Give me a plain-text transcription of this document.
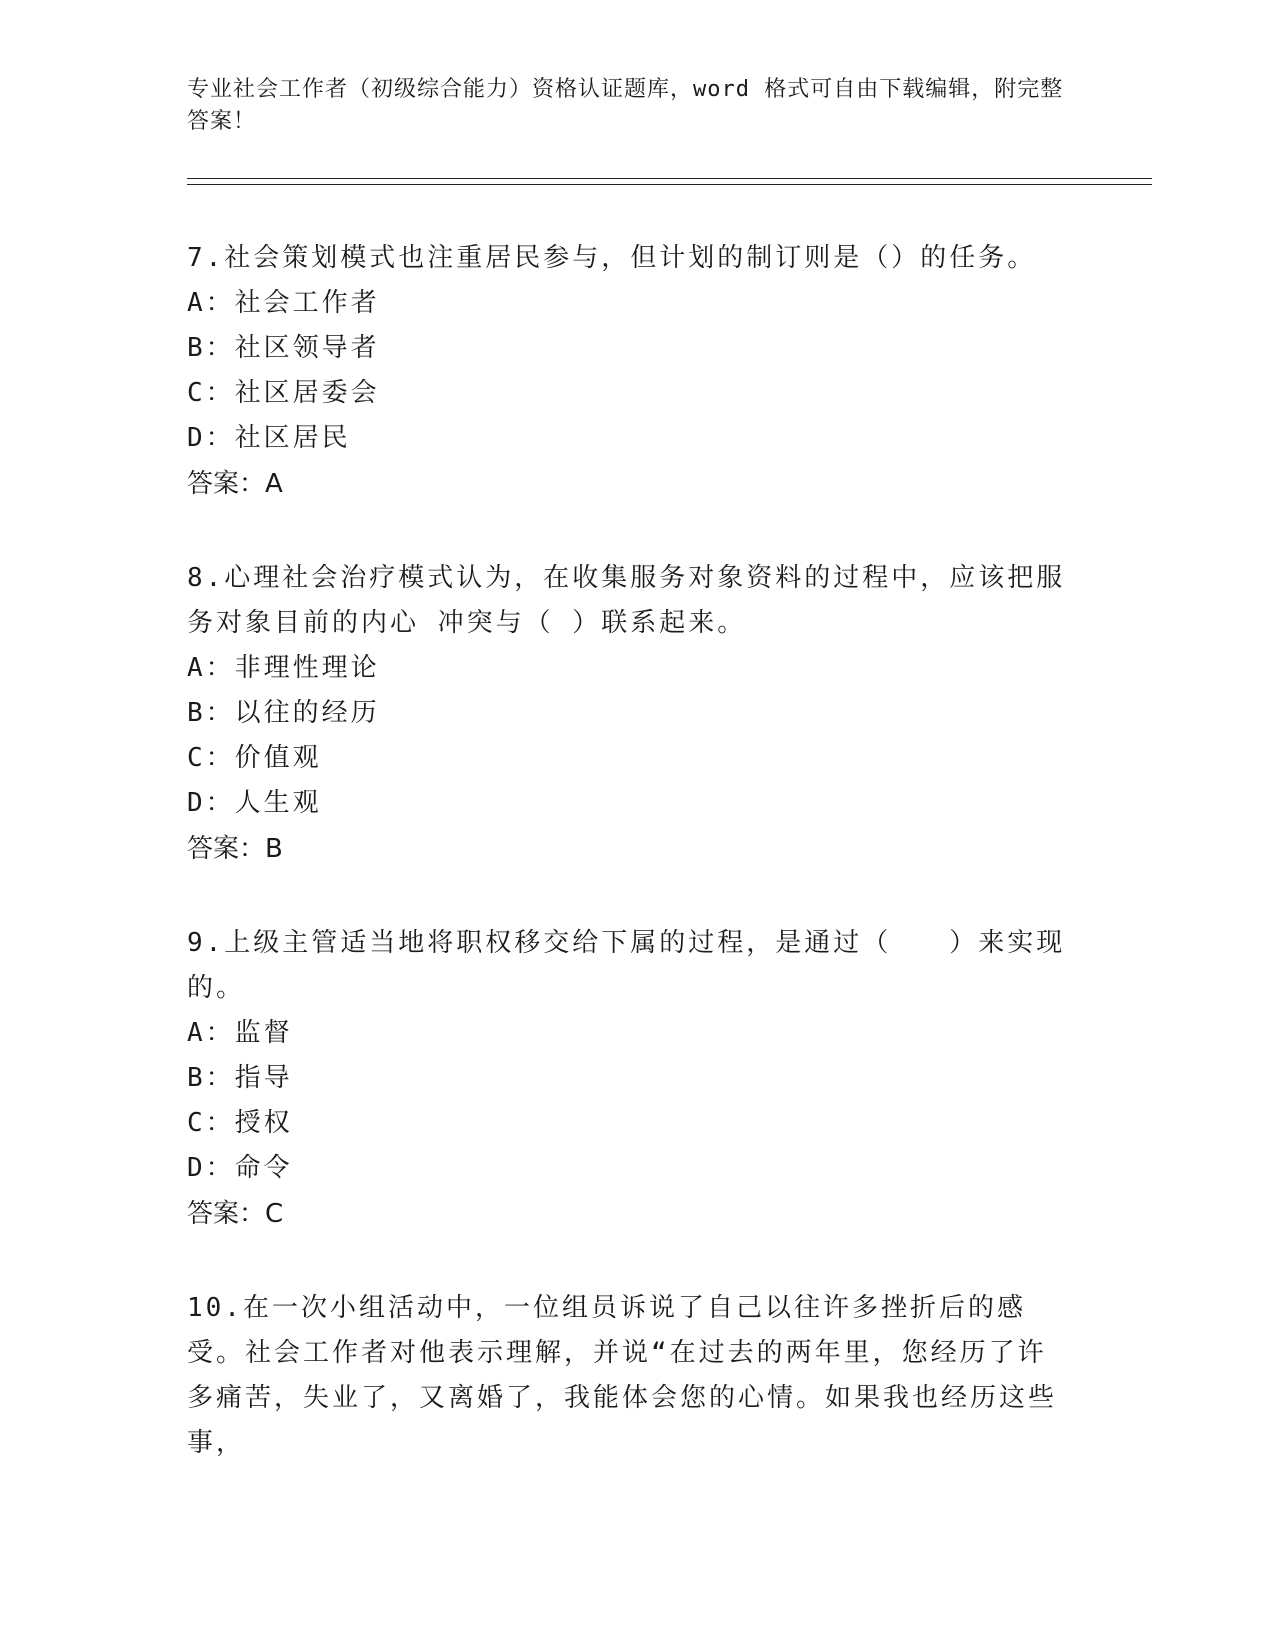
专业社会工作者（初级综合能力）资格认证题库，word 格式可自由下载编辑，附完整答案！
7.社会策划模式也注重居民参与，但计划的制订则是（）的任务。
A：社会工作者
B：社区领导者
C：社区居委会
D：社区居民
答案：A
8.心理社会治疗模式认为，在收集服务对象资料的过程中，应该把服务对象目前的内心 冲突与（ ）联系起来。
A：非理性理论
B：以往的经历
C：价值观
D：人生观
答案：B
9.上级主管适当地将职权移交给下属的过程，是通过（　　）来实现的。
A：监督
B：指导
C：授权
D：命令
答案：C
10.在一次小组活动中，一位组员诉说了自己以往许多挫折后的感受。社会工作者对他表示理解，并说“在过去的两年里，您经历了许多痛苦，失业了，又离婚了，我能体会您的心情。如果我也经历这些事，
